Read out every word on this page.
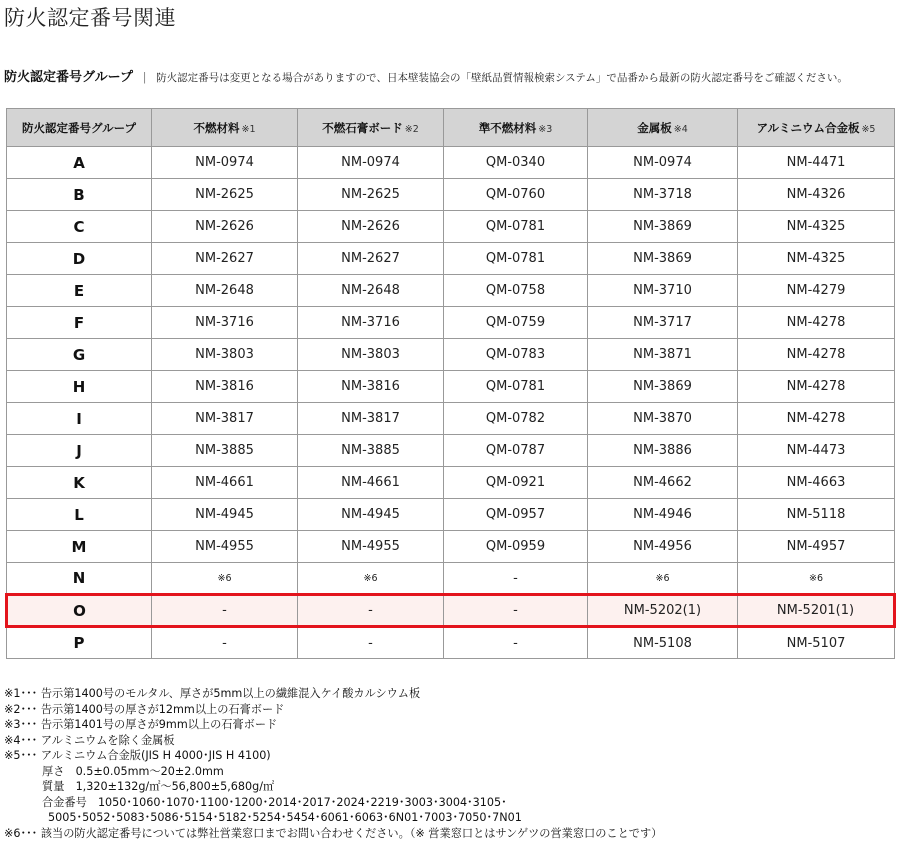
防火認定番号関連
防火認定番号グループ | 防火認定番号は変更となる場合がありますので、日本壁装協会の「壁紙品質情報検索システム」で品番から最新の防火認定番号をご確認ください。
防火認定番号グループ	不燃材料 ※1	不燃石膏ボード ※2	準不燃材料 ※3	金属板 ※4	アルミニウム合金板 ※5
A	NM-0974	NM-0974	QM-0340	NM-0974	NM-4471
B	NM-2625	NM-2625	QM-0760	NM-3718	NM-4326
C	NM-2626	NM-2626	QM-0781	NM-3869	NM-4325
D	NM-2627	NM-2627	QM-0781	NM-3869	NM-4325
E	NM-2648	NM-2648	QM-0758	NM-3710	NM-4279
F	NM-3716	NM-3716	QM-0759	NM-3717	NM-4278
G	NM-3803	NM-3803	QM-0783	NM-3871	NM-4278
H	NM-3816	NM-3816	QM-0781	NM-3869	NM-4278
I	NM-3817	NM-3817	QM-0782	NM-3870	NM-4278
J	NM-3885	NM-3885	QM-0787	NM-3886	NM-4473
K	NM-4661	NM-4661	QM-0921	NM-4662	NM-4663
L	NM-4945	NM-4945	QM-0957	NM-4946	NM-5118
M	NM-4955	NM-4955	QM-0959	NM-4956	NM-4957
N	※6	※6	-	※6	※6
O	-	-	-	NM-5202(1)	NM-5201(1)
P	-	-	-	NM-5108	NM-5107
※1･･･ 告示第1400号のモルタル、厚さが5mm以上の繊維混入ケイ酸カルシウム板
※2･･･ 告示第1400号の厚さが12mm以上の石膏ボード
※3･･･ 告示第1401号の厚さが9mm以上の石膏ボード
※4･･･ アルミニウムを除く金属板
※5･･･ アルミニウム合金版(JIS H 4000･JIS H 4100)
厚さ　0.5±0.05mm～20±2.0mm
質量　1,320±132g/㎡～56,800±5,680g/㎡
合金番号　1050･1060･1070･1100･1200･2014･2017･2024･2219･3003･3004･3105･
5005･5052･5083･5086･5154･5182･5254･5454･6061･6063･6N01･7003･7050･7N01
※6･･･ 該当の防火認定番号については弊社営業窓口までお問い合わせください。（※ 営業窓口とはサンゲツの営業窓口のことです）
